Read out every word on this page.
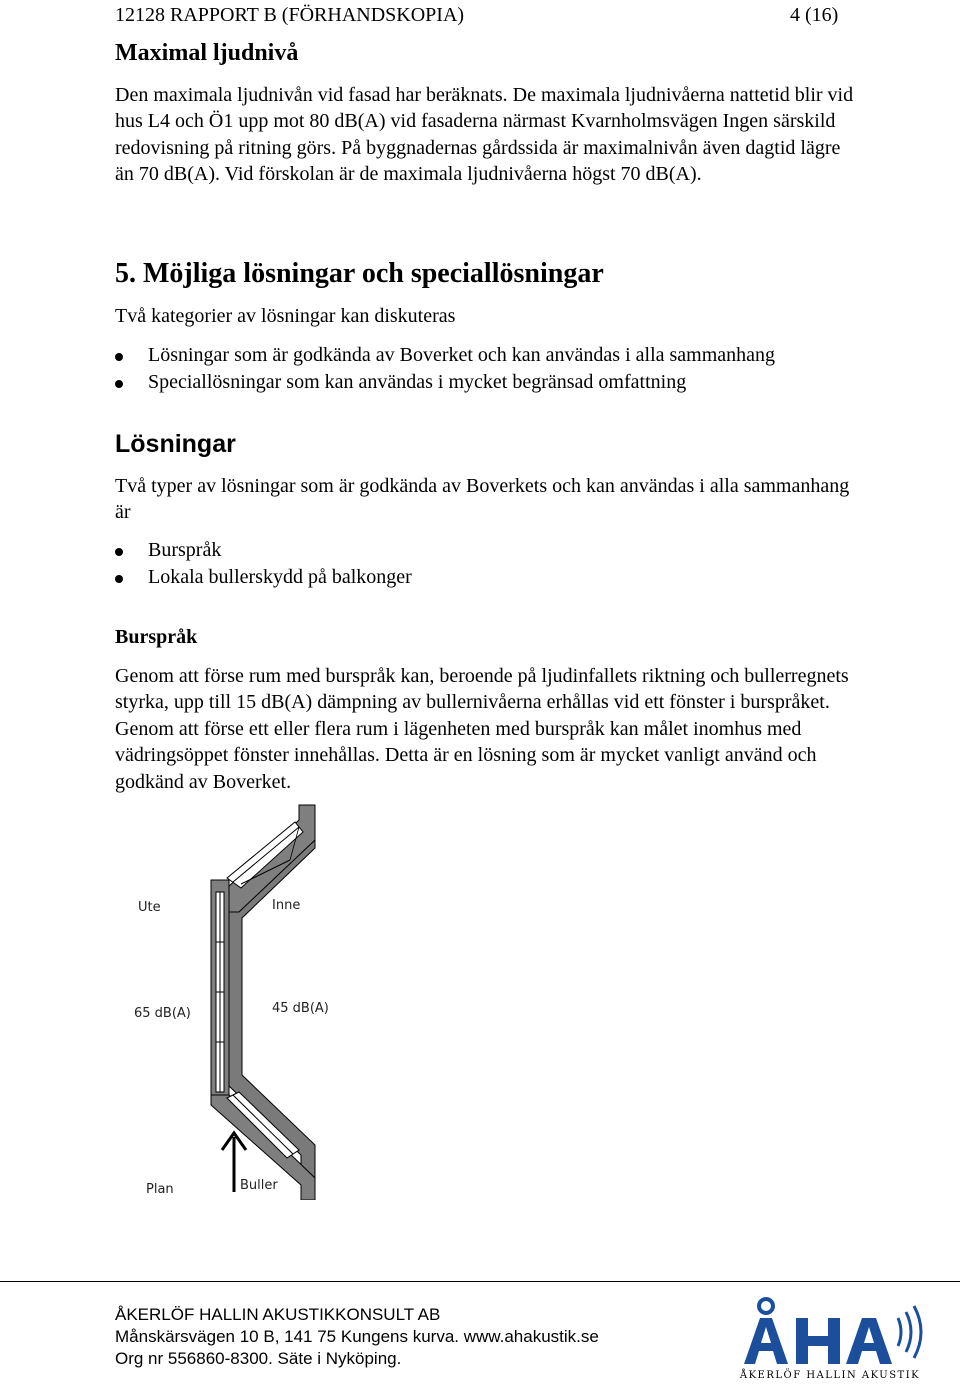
12128 RAPPORT B (FÖRHANDSKOPIA)	4 (16)
Maximal ljudnivå
Den maximala ljudnivån vid fasad har beräknats. De maximala ljudnivåerna nattetid blir vid hus L4 och Ö1 upp mot 80 dB(A) vid fasaderna närmast Kvarnholmsvägen Ingen särskild redovisning på ritning görs. På byggnadernas gårdssida är maximalnivån även dagtid lägre än 70 dB(A). Vid förskolan är de maximala ljudnivåerna högst 70 dB(A).
5. Möjliga lösningar och speciallösningar
Två kategorier av lösningar kan diskuteras
Lösningar som är godkända av Boverket och kan användas i alla sammanhang
Speciallösningar som kan användas i mycket begränsad omfattning
Lösningar
Två typer av lösningar som är godkända av Boverkets och kan användas i alla sammanhang är
Burspråk
Lokala bullerskydd på balkonger
Burspråk
Genom att förse rum med burspråk kan, beroende på ljudinfallets riktning och bullerregnets styrka, upp till 15 dB(A) dämpning av bullernivåerna erhållas vid ett fönster i burspråket. Genom att förse ett eller flera rum i lägenheten med burspråk kan målet inomhus med vädringsöppet fönster innehållas. Detta är en lösning som är mycket vanligt använd och godkänd av Boverket.
Ute	Inne
65 dB(A)	45 dB(A)
Plan	Buller
ÅKERLÖF HALLIN AKUSTIKKONSULT AB
Månskärsvägen 10 B, 141 75 Kungens kurva. www.ahakustik.se
Org nr 556860-8300. Säte i Nyköping.
ÅKERLÖF HALLIN AKUSTIK
